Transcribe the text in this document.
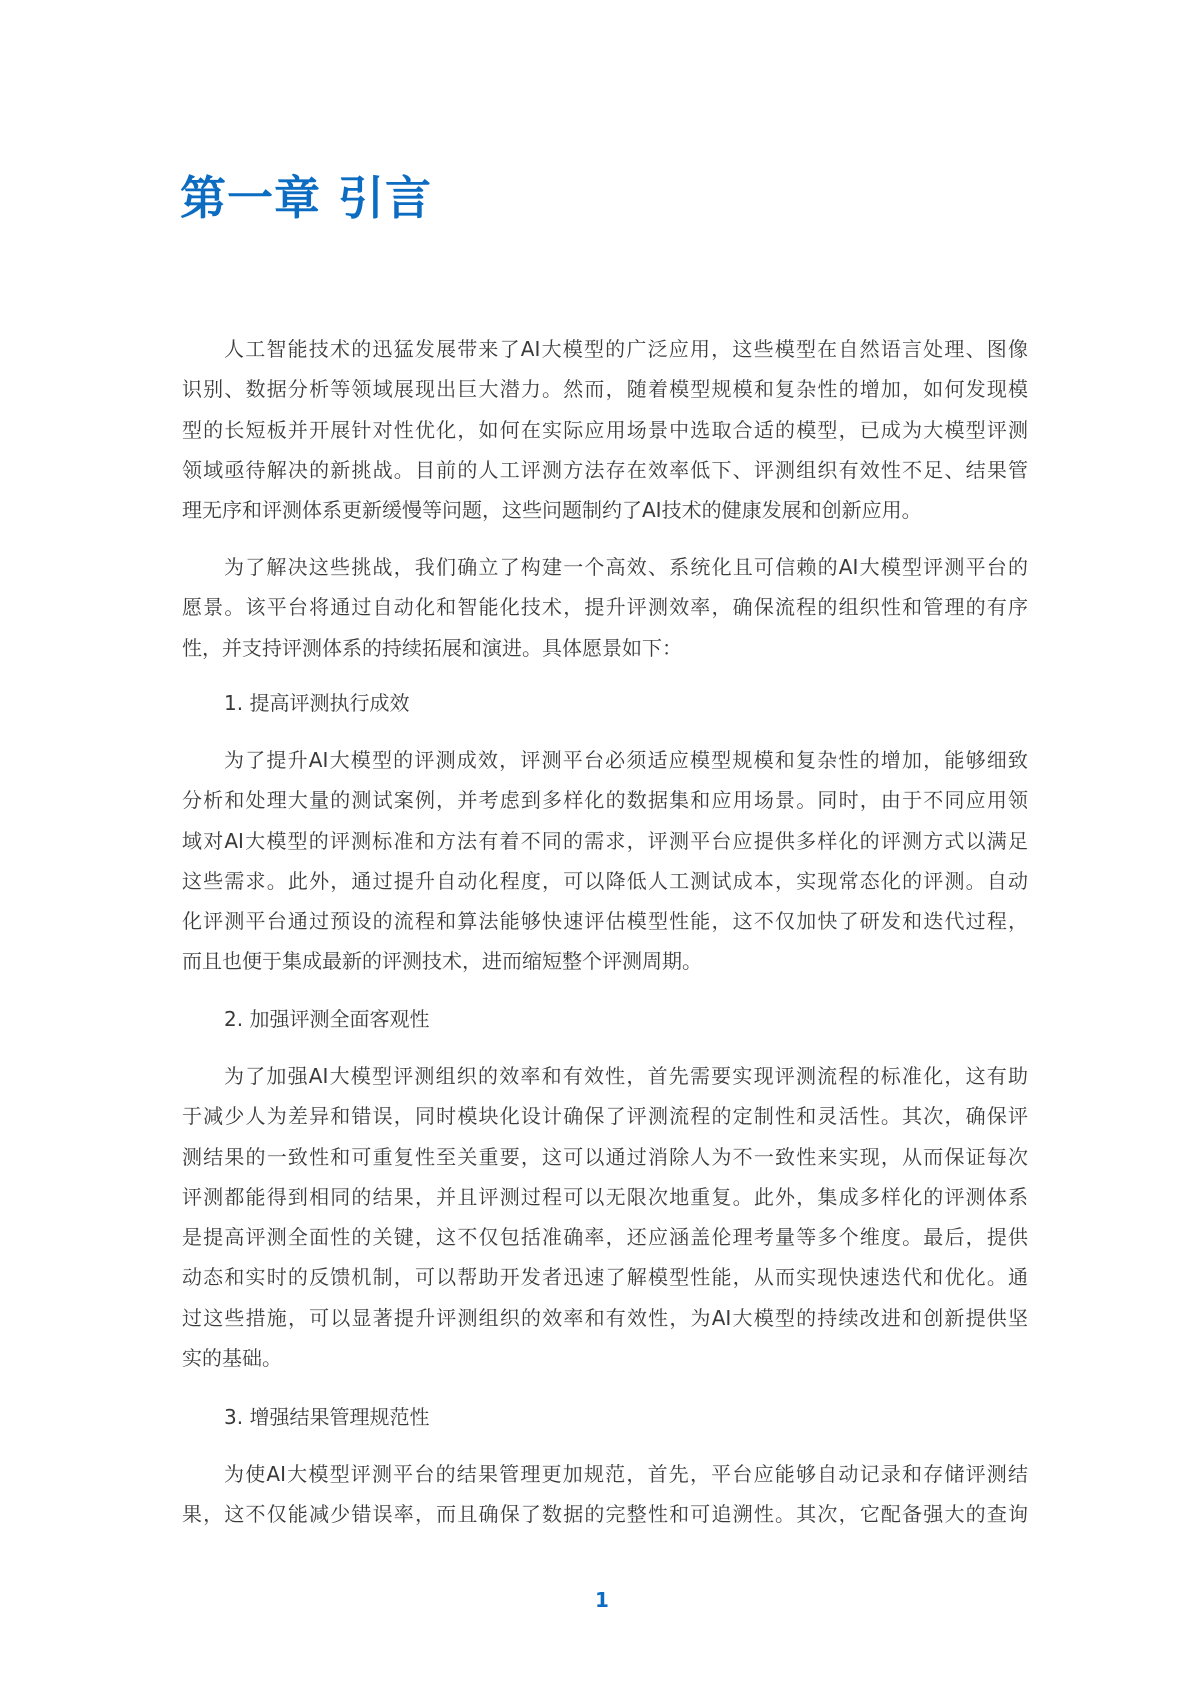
第一章 引言
人工智能技术的迅猛发展带来了AI大模型的广泛应用，这些模型在自然语言处理、图像
识别、数据分析等领域展现出巨大潜力。然而，随着模型规模和复杂性的增加，如何发现模
型的长短板并开展针对性优化，如何在实际应用场景中选取合适的模型，已成为大模型评测
领域亟待解决的新挑战。目前的人工评测方法存在效率低下、评测组织有效性不足、结果管
理无序和评测体系更新缓慢等问题，这些问题制约了AI技术的健康发展和创新应用。
为了解决这些挑战，我们确立了构建一个高效、系统化且可信赖的AI大模型评测平台的
愿景。该平台将通过自动化和智能化技术，提升评测效率，确保流程的组织性和管理的有序
性，并支持评测体系的持续拓展和演进。具体愿景如下：
1. 提高评测执行成效
为了提升AI大模型的评测成效，评测平台必须适应模型规模和复杂性的增加，能够细致
分析和处理大量的测试案例，并考虑到多样化的数据集和应用场景。同时，由于不同应用领
域对AI大模型的评测标准和方法有着不同的需求，评测平台应提供多样化的评测方式以满足
这些需求。此外，通过提升自动化程度，可以降低人工测试成本，实现常态化的评测。自动
化评测平台通过预设的流程和算法能够快速评估模型性能，这不仅加快了研发和迭代过程，
而且也便于集成最新的评测技术，进而缩短整个评测周期。
2. 加强评测全面客观性
为了加强AI大模型评测组织的效率和有效性，首先需要实现评测流程的标准化，这有助
于减少人为差异和错误，同时模块化设计确保了评测流程的定制性和灵活性。其次，确保评
测结果的一致性和可重复性至关重要，这可以通过消除人为不一致性来实现，从而保证每次
评测都能得到相同的结果，并且评测过程可以无限次地重复。此外，集成多样化的评测体系
是提高评测全面性的关键，这不仅包括准确率，还应涵盖伦理考量等多个维度。最后，提供
动态和实时的反馈机制，可以帮助开发者迅速了解模型性能，从而实现快速迭代和优化。通
过这些措施，可以显著提升评测组织的效率和有效性，为AI大模型的持续改进和创新提供坚
实的基础。
3. 增强结果管理规范性
为使AI大模型评测平台的结果管理更加规范，首先，平台应能够自动记录和存储评测结
果，这不仅能减少错误率，而且确保了数据的完整性和可追溯性。其次，它配备强大的查询
1
